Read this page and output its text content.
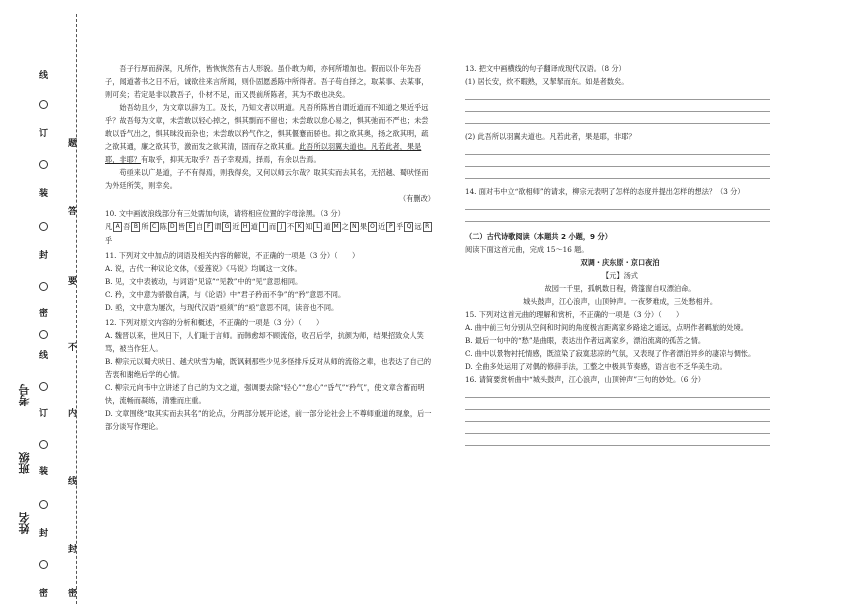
线
订
装
封
密
线
订
装
封
密
题
答
要
不
内
线
封
密
考号
班级
姓名

吾子行厚而辞深，凡所作，皆恢恢然有古人形貌。虽仆敢为师，亦何所增加也。假而以仆年先吾子，闻道著书之日不后，诚欲往来言所闻，则仆固愿悉陈中所得者。吾子苟自择之，取某事、去某事，则可矣；若定是非以教吾子，仆材不足，而又畏前所陈者，其为不敢也决矣。

始吾幼且少，为文章以辞为工。及长，乃知文者以明道。凡吾所陈皆自谓近道而不知道之果近乎远乎？故吾每为文章，未尝敢以轻心掉之，惧其剽而不留也；未尝敢以怠心易之，惧其弛而不严也；未尝敢以昏气出之，惧其昧没而杂也；未尝敢以矜气作之，惧其偃蹇而骄也。抑之欲其奥，扬之欲其明，疏之欲其通，廉之欲其节，激而发之欲其清，固而存之欲其重。此吾所以羽翼夫道也。凡若此者，果是耶，非耶？有取乎，抑其无取乎？吾子幸观焉，择焉，有余以告焉。

苟亟来以广是道，子不有得焉，则我得矣，又何以师云尔哉？取其实而去其名，无招越、蜀吠怪而为外廷所笑，则幸矣。

（有删改）

10. 文中画波浪线部分有三处需加句读，请将相应位置的字母涂黑。（3 分）

凡 A 吾 B 所 C 陈 D 皆 E 自 F 谓 G 近 H 道 I 而 J 不 K 知 L 道 M 之 N 果 O 近 P 乎 Q 远 R
乎

11. 下列对文中加点的词语及相关内容的解说，不正确的一项是（3 分）（　　）

A. 说，古代一种议论文体，《爱莲说》《马说》均属这一文体。

B. 见，文中表被动，与词语“见谅”“见教”中的“见”意思相同。

C. 矜，文中意为骄傲自满，与《论语》中“君子矜而不争”的“矜”意思不同。

D. 亟，文中意为屡次，与现代汉语“亟须”的“亟”意思不同，读音也不同。

12. 下列对原文内容的分析和概述，不正确的一项是（3 分）（　　）

A. 魏晋以来，世风日下，人们耻于言师。而韩愈却不顾流俗，收召后学，抗颜为师，结果招致众人笑骂，被当作狂人。

B. 柳宗元以蜀犬吠日、越犬吠雪为喻，既讽刺那些少见多怪排斥反对从师的流俗之辈，也表达了自己的苦衷和谢绝后学的心情。

C. 柳宗元向韦中立讲述了自己的为文之道，强调要去除“轻心”“怠心”“昏气”“矜气”，使文章含蓄而明快，流畅而凝练，清雅而庄重。

D. 文章围绕“取其实而去其名”的论点，分两部分展开论述，前一部分论社会上不尊师重道的现象，后一部分谈写作理论。

13. 把文中画横线的句子翻译成现代汉语。（8 分）

(1) 居长安，炊不暇熟，又挈挈而东。如是者数矣。

(2) 此吾所以羽翼夫道也。凡若此者，果是耶，非耶？

14. 面对韦中立“欲相师”的请求，柳宗元表明了怎样的态度并提出怎样的想法？（3 分）

（二）古代诗歌阅读（本题共 2 小题，9 分）

阅读下面这首元曲，完成 15～16 题。

双调・庆东原・京口夜泊

【元】汤式

故园一千里，孤帆数日程，倚篷窗自叹漂泊命。

城头鼓声，江心浪声，山顶钟声。一夜梦难成，三处愁相并。

15. 下列对这首元曲的理解和赏析，不正确的一项是（3 分）（　　）

A. 曲中前三句分别从空间和时间的角度极言距离家乡路途之遥远，点明作者羁旅的处境。

B. 最后一句中的“愁”是曲眼，表达出作者远离家乡，漂泊流离的孤苦之情。

C. 曲中以景物衬托情感，既渲染了寂寞悲凉的气氛，又表现了作者漂泊异乡的凄凉与惆怅。

D. 全曲多处运用了对偶的修辞手法，工整之中极具节奏感，语言也不乏华美生动。

16. 请简要赏析曲中“城头鼓声，江心浪声，山顶钟声”三句的妙处。（6 分）
